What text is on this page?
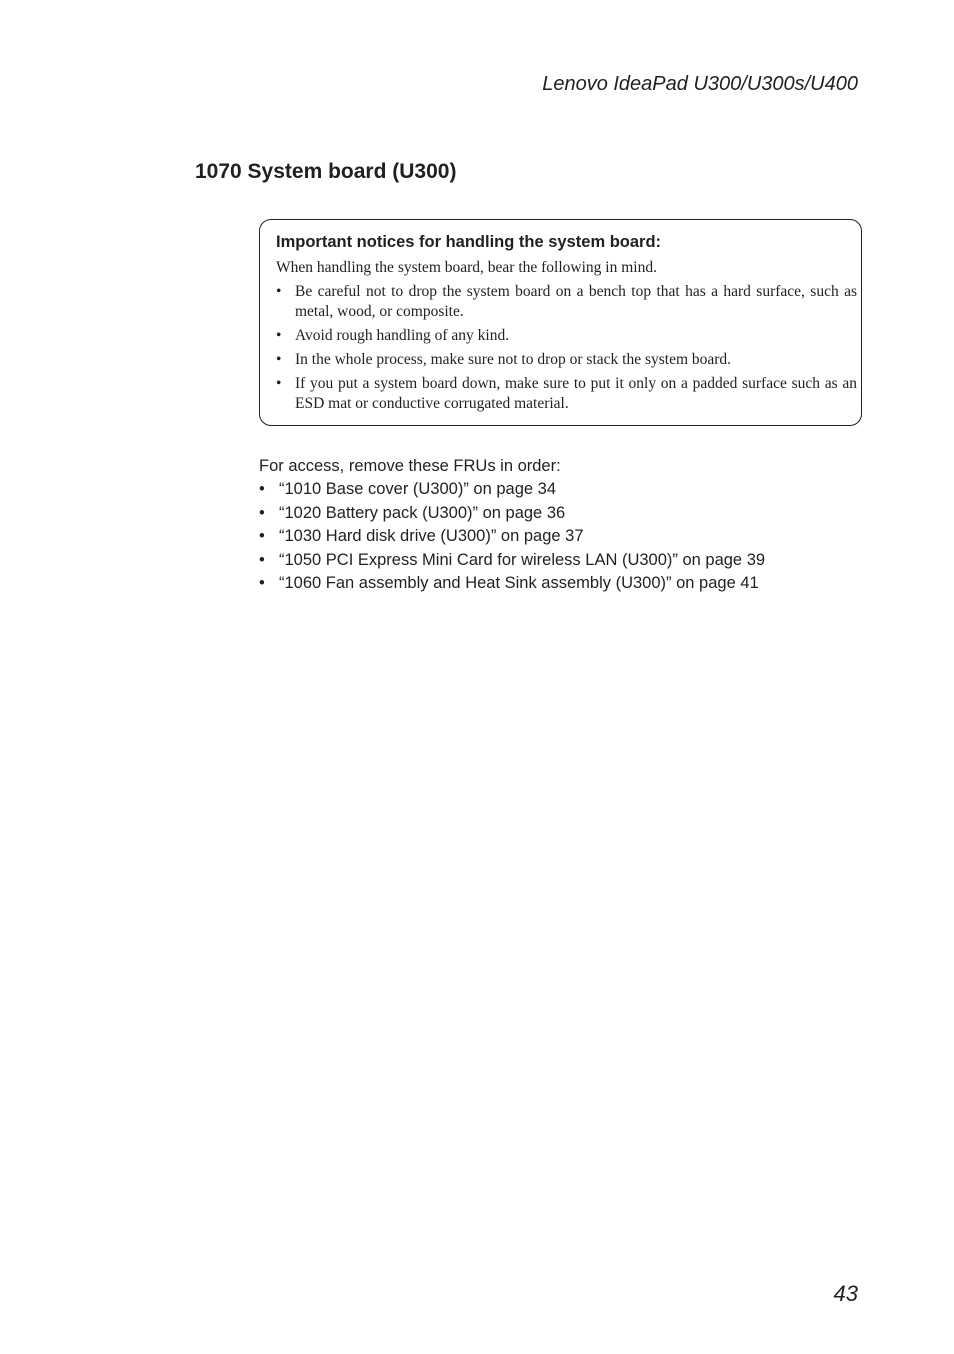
Lenovo IdeaPad U300/U300s/U400
1070 System board (U300)
Important notices for handling the system board:
When handling the system board, bear the following in mind.
• Be careful not to drop the system board on a bench top that has a hard surface, such as metal, wood, or composite.
• Avoid rough handling of any kind.
• In the whole process, make sure not to drop or stack the system board.
• If you put a system board down, make sure to put it only on a padded surface such as an ESD mat or conductive corrugated material.
For access, remove these FRUs in order:
• “1010 Base cover (U300)” on page 34
• “1020 Battery pack (U300)” on page 36
• “1030 Hard disk drive (U300)” on page 37
• “1050 PCI Express Mini Card for wireless LAN (U300)” on page 39
• “1060 Fan assembly and Heat Sink assembly (U300)” on page 41
43
